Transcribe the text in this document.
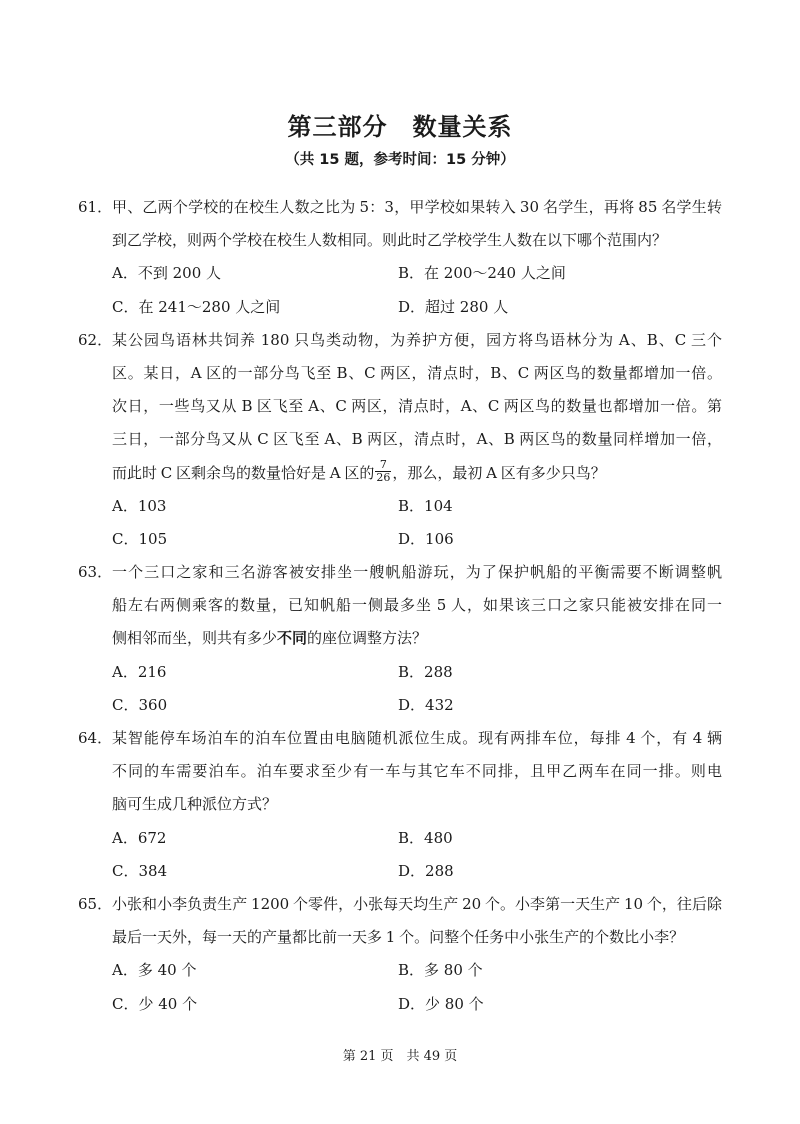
第三部分　数量关系
（共 15 题，参考时间：15 分钟）
61． 甲、乙两个学校的在校生人数之比为 5：3，甲学校如果转入 30 名学生，再将 85 名学生转
到乙学校，则两个学校在校生人数相同。则此时乙学校学生人数在以下哪个范围内？
A．不到 200 人	B．在 200～240 人之间
C．在 241～280 人之间	D．超过 280 人
62． 某公园鸟语林共饲养 180 只鸟类动物，为养护方便，园方将鸟语林分为 A、B、C 三个
区。某日，A 区的一部分鸟飞至 B、C 两区，清点时，B、C 两区鸟的数量都增加一倍。
次日，一些鸟又从 B 区飞至 A、C 两区，清点时，A、C 两区鸟的数量也都增加一倍。第
三日，一部分鸟又从 C 区飞至 A、B 两区，清点时，A、B 两区鸟的数量同样增加一倍，
而此时 C 区剩余鸟的数量恰好是 A 区的 $\frac{7}{26}$ ，那么，最初 A 区有多少只鸟？
A．103	B．104
C．105	D．106
63． 一个三口之家和三名游客被安排坐一艘帆船游玩，为了保护帆船的平衡需要不断调整帆
船左右两侧乘客的数量，已知帆船一侧最多坐 5 人，如果该三口之家只能被安排在同一
侧相邻而坐，则共有多少不同的座位调整方法？
A．216	B．288
C．360	D．432
64． 某智能停车场泊车的泊车位置由电脑随机派位生成。现有两排车位，每排 4 个，有 4 辆
不同的车需要泊车。泊车要求至少有一车与其它车不同排，且甲乙两车在同一排。则电
脑可生成几种派位方式？
A．672	B．480
C．384	D．288
65． 小张和小李负责生产 1200 个零件，小张每天均生产 20 个。小李第一天生产 10 个，往后除
最后一天外，每一天的产量都比前一天多 1 个。问整个任务中小张生产的个数比小李？
A．多 40 个	B．多 80 个
C．少 40 个	D．少 80 个
第 21 页　共 49 页
